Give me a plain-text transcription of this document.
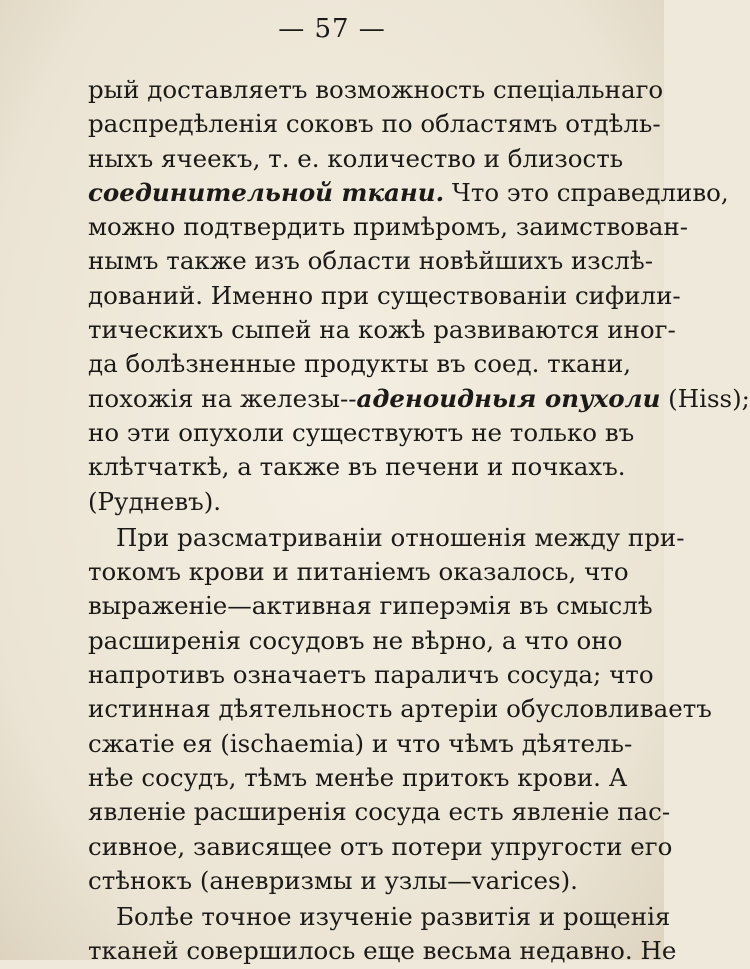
— 57 —
рый доставляетъ возможность спецiальнаго
распредѣленія соковъ по областямъ отдѣль-
ныхъ ячеекъ, т. е. количество и близость
соединительной ткани. Что это справедливо,
можно подтвердить примѣромъ, заимствован-
нымъ также изъ области новѣйшихъ изслѣ-
дований. Именно при существованiи сифили-
тическихъ сыпей на кожѣ развиваются иног-
да болѣзненные продукты въ соед. ткани,
похожія на железы--аденоидныя опухоли (Hiss);
но эти опухоли существуютъ не только въ
клѣтчаткѣ, а также въ печени и почкахъ.
(Рудневъ).
При разсматриванiи отношенія между при-
токомъ крови и питанiемъ оказалось, что
выраженіе—активная гиперэмія въ смыслѣ
расширенія сосудовъ не вѣрно, а что оно
напротивъ означаетъ параличъ сосуда; что
истинная дѣятельность артерiи обусловливаетъ
сжатiе ея (ischaemia) и что чѣмъ дѣятель-
нѣе сосудъ, тѣмъ менѣе притокъ крови. А
явленіе расширенія сосуда есть явленіе пас-
сивное, зависящее отъ потери упругости его
стѣнокъ (аневризмы и узлы—varices).
Болѣе точное изученіе развитія и рощенія
тканей совершилось еще весьма недавно. Не
